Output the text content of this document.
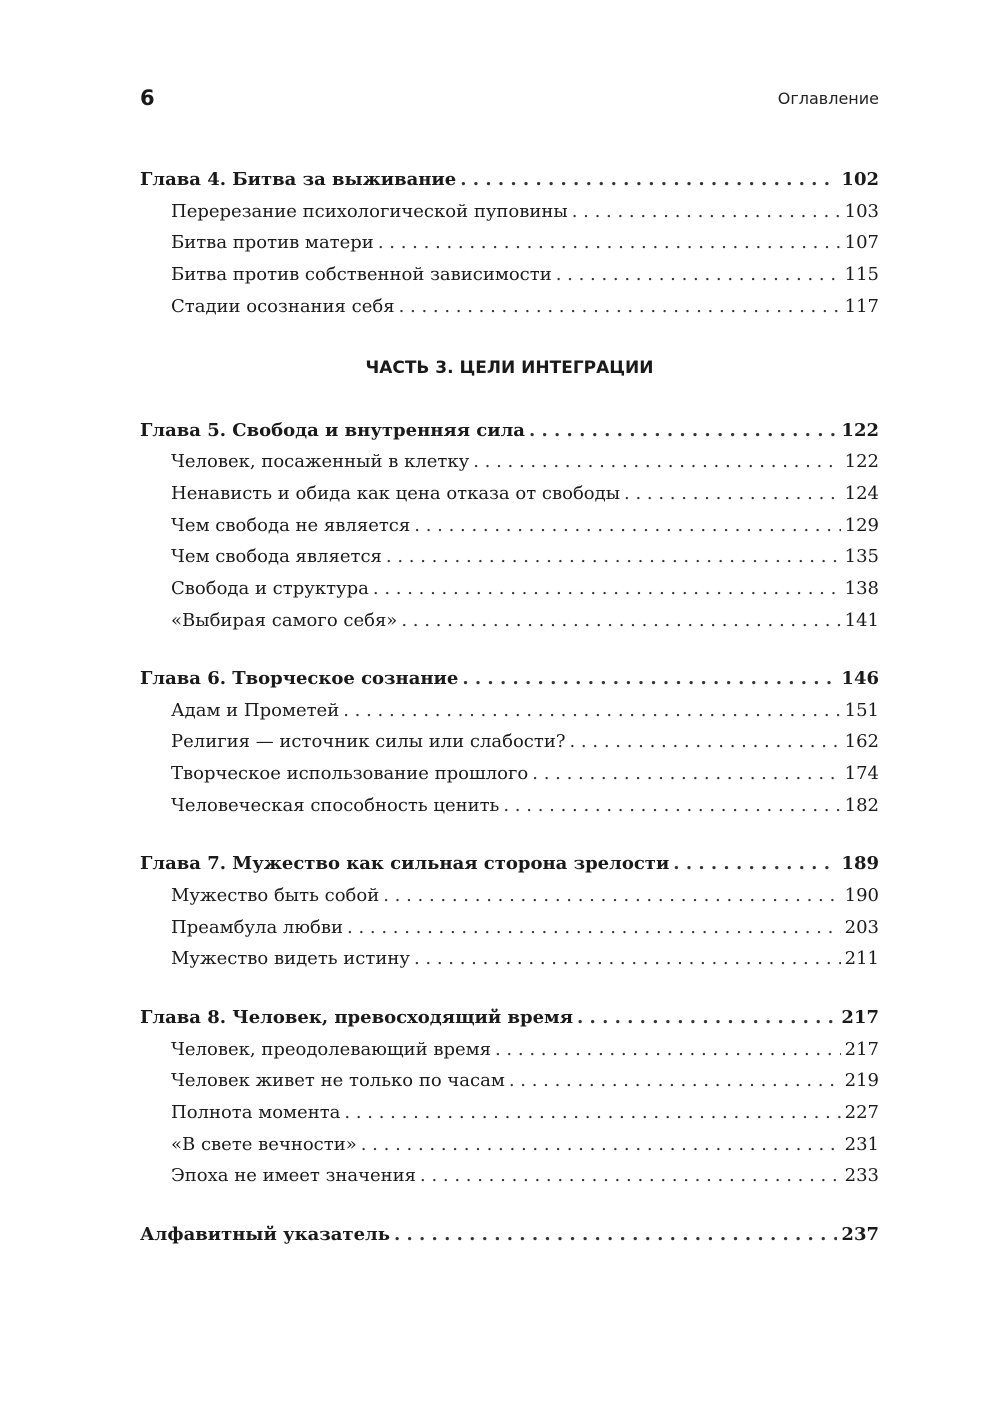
6	Оглавление
Глава 4. Битва за выживание . . .	102
Перерезание психологической пуповины . . .	103
Битва против матери . . .	107
Битва против собственной зависимости . . .	115
Стадии осознания себя . . .	117
ЧАСТЬ 3. ЦЕЛИ ИНТЕГРАЦИИ
Глава 5. Свобода и внутренняя сила . . .	122
Человек, посаженный в клетку . . .	122
Ненависть и обида как цена отказа от свободы . . .	124
Чем свобода не является . . .	129
Чем свобода является . . .	135
Свобода и структура . . .	138
«Выбирая самого себя» . . .	141
Глава 6. Творческое сознание . . .	146
Адам и Прометей . . .	151
Религия — источник силы или слабости? . . .	162
Творческое использование прошлого . . .	174
Человеческая способность ценить . . .	182
Глава 7. Мужество как сильная сторона зрелости . . .	189
Мужество быть собой . . .	190
Преамбула любви . . .	203
Мужество видеть истину . . .	211
Глава 8. Человек, превосходящий время . . .	217
Человек, преодолевающий время . . .	217
Человек живет не только по часам . . .	219
Полнота момента . . .	227
«В свете вечности» . . .	231
Эпоха не имеет значения . . .	233
Алфавитный указатель . . .	237
